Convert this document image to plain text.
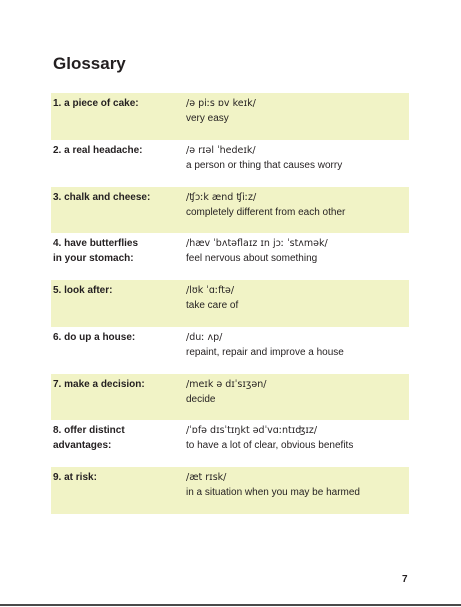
Glossary
1. a piece of cake:	/ə piːs ɒv keɪk/
very easy
2. a real headache:	/ə rɪəl ˈhedeɪk/
a person or thing that causes worry
3. chalk and cheese:	/ʧɔːk ænd ʧiːz/
completely different from each other
4. have butterflies
in your stomach:
/hæv ˈbʌtəflaɪz ɪn jɔː ˈstʌmək/
feel nervous about something
5. look after:	/lʊk ˈɑːftə/
take care of
6. do up a house:	/duː ʌp/
repaint, repair and improve a house
7. make a decision:	/meɪk ə dɪˈsɪʒən/
decide
8. offer distinct
advantages:
/ˈɒfə dɪsˈtɪŋkt ədˈvɑːntɪʤɪz/
to have a lot of clear, obvious benefits
9. at risk:	/æt rɪsk/
in a situation when you may be harmed
7
